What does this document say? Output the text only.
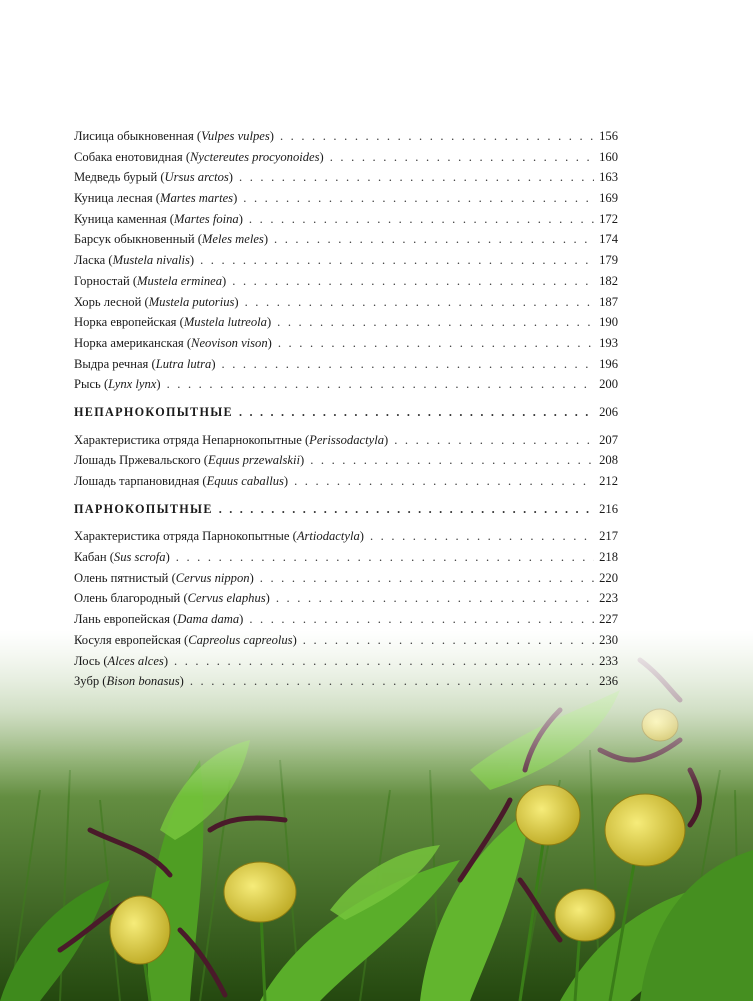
Лисица обыкновенная (Vulpes vulpes) . . .	156
Собака енотовидная (Nyctereutes procyonoides) . . .	160
Медведь бурый (Ursus arctos) . . .	163
Куница лесная (Martes martes) . . .	169
Куница каменная (Martes foina) . . .	172
Барсук обыкновенный (Meles meles) . . .	174
Ласка (Mustela nivalis) . . .	179
Горностай (Mustela erminea) . . .	182
Хорь лесной (Mustela putorius) . . .	187
Норка европейская (Mustela lutreola) . . .	190
Норка американская (Neovison vison) . . .	193
Выдра речная (Lutra lutra) . . .	196
Рысь (Lynx lynx) . . .	200
НЕПАРНОКОПЫТНЫЕ . . .	206
Характеристика отряда Непарнокопытные (Perissodactyla) . . .	207
Лошадь Пржевальского (Equus przewalskii) . . .	208
Лошадь тарпановидная (Equus caballus) . . .	212
ПАРНОКОПЫТНЫЕ . . .	216
Характеристика отряда Парнокопытные (Artiodactyla) . . .	217
Кабан (Sus scrofa) . . .	218
Олень пятнистый (Cervus nippon) . . .	220
Олень благородный (Cervus elaphus) . . .	223
Лань европейская (Dama dama) . . .	227
Косуля европейская (Capreolus capreolus) . . .	230
Лось (Alces alces) . . .	233
Зубр (Bison bonasus) . . .	236
